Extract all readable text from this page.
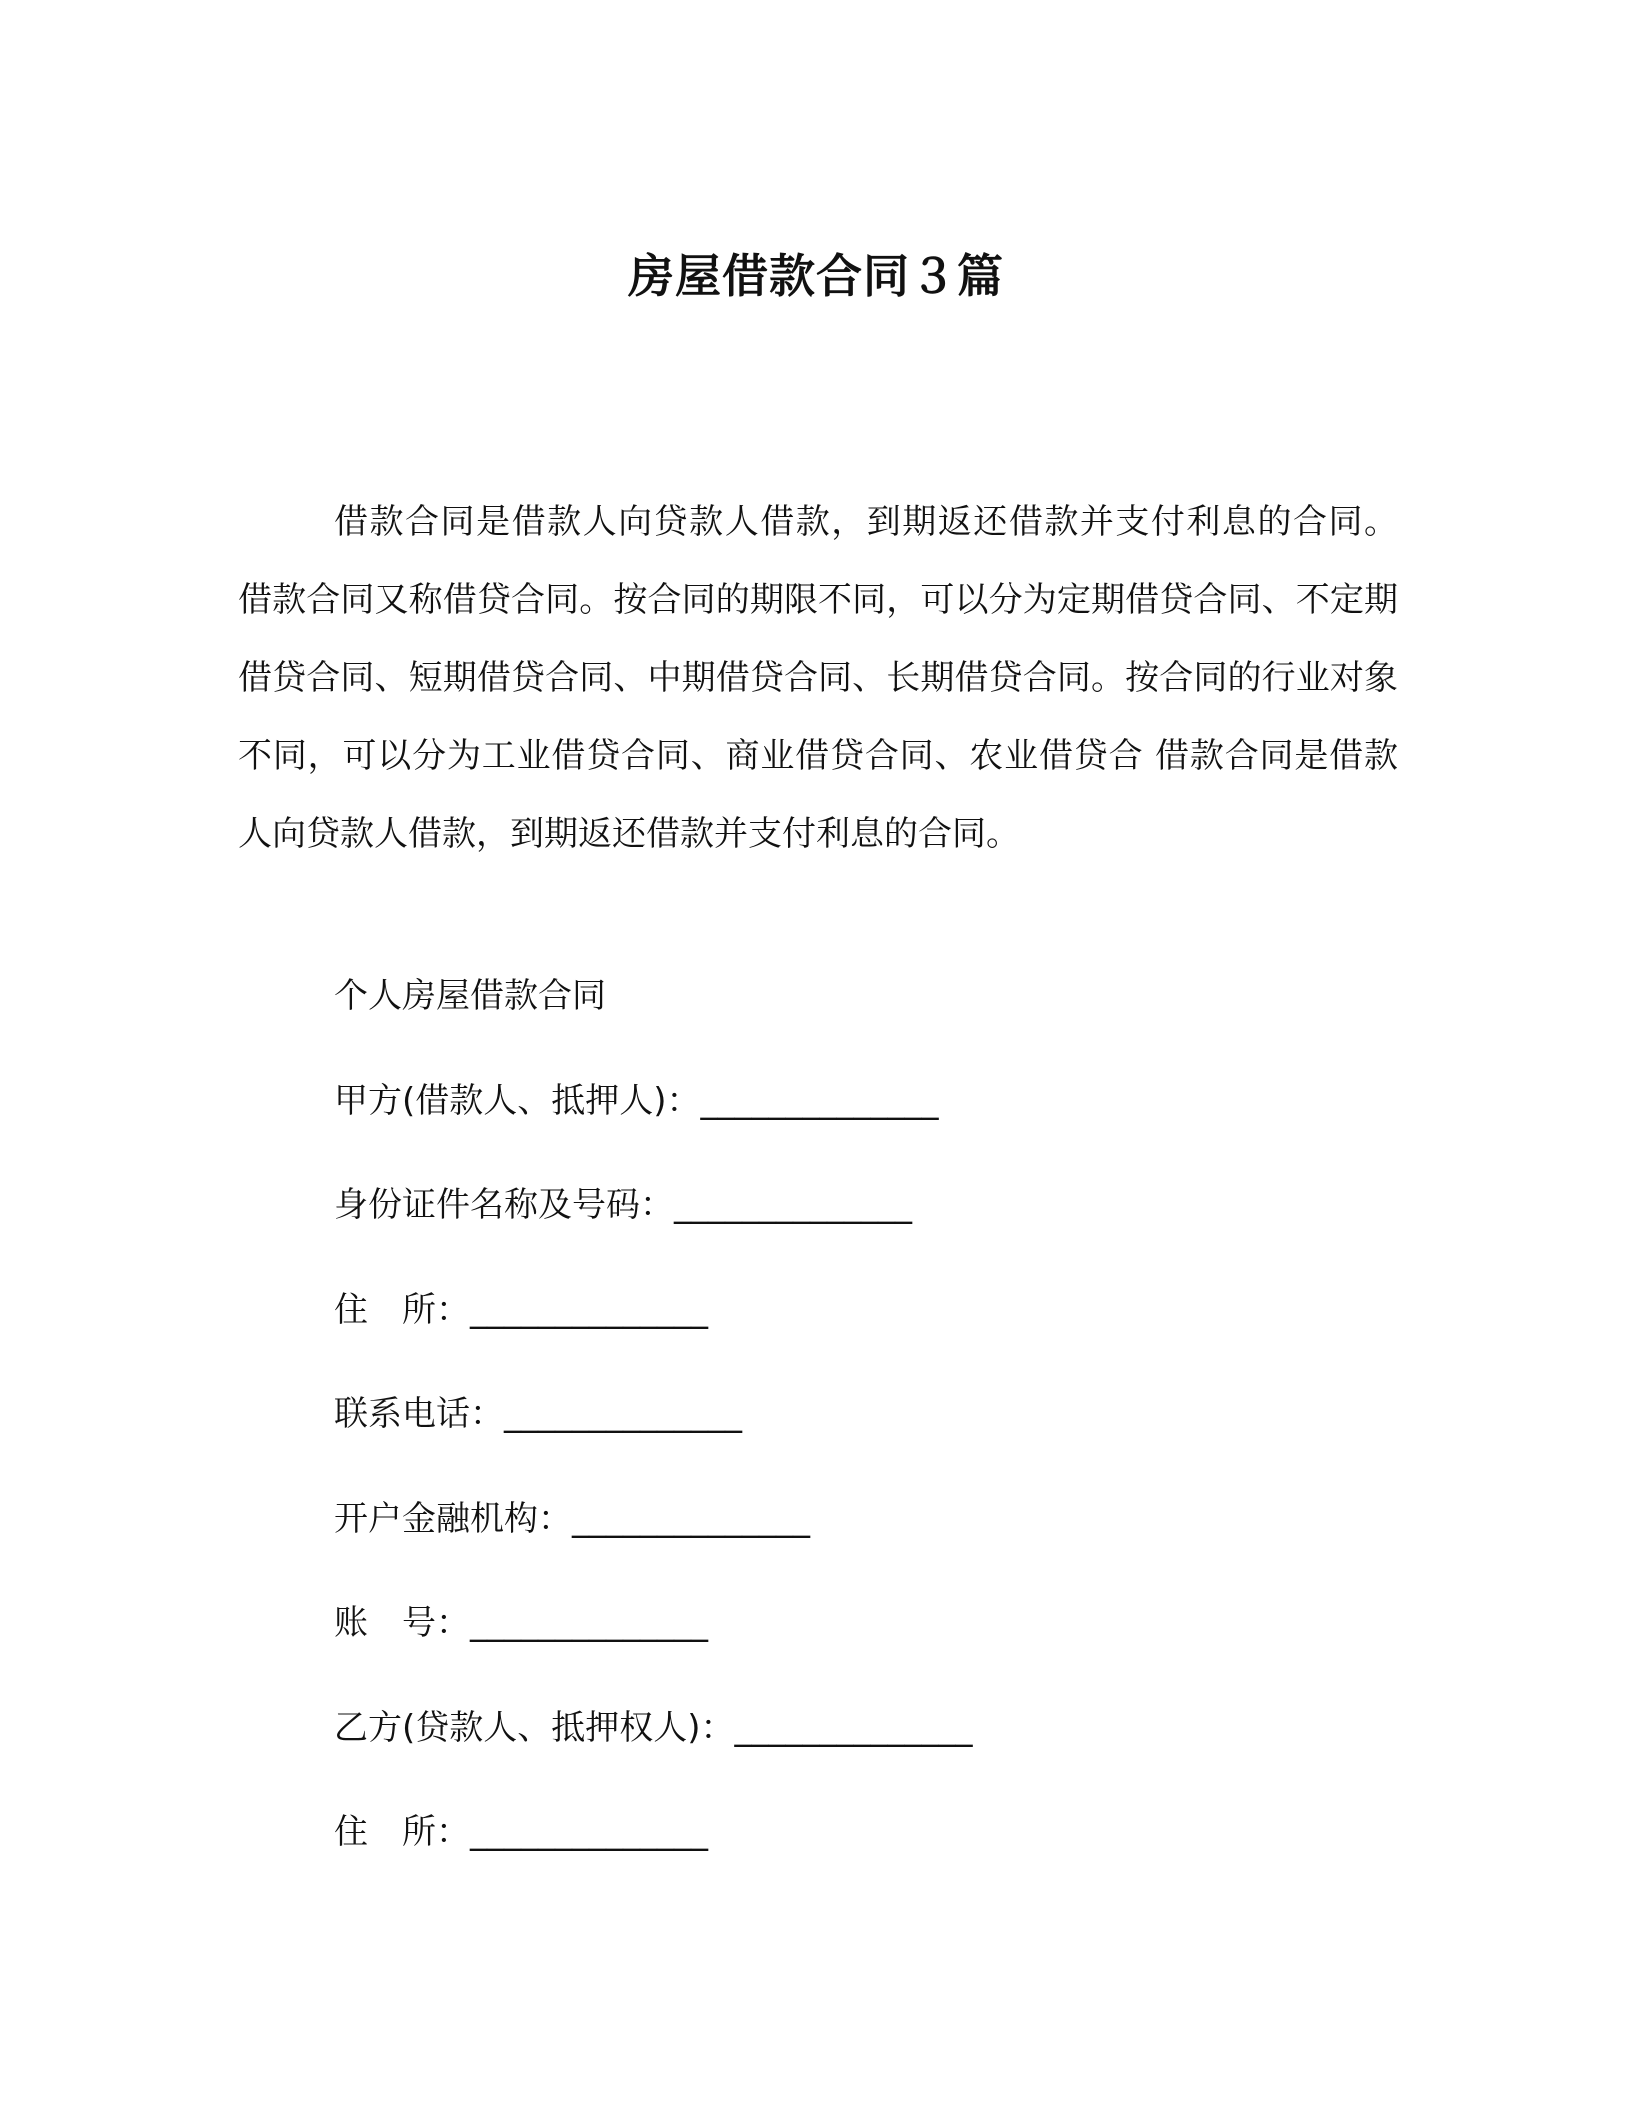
房屋借款合同３篇

借款合同是借款人向贷款人借款，到期返还借款并支付利息的合同。 借款合同又称借贷合同。按合同的期限不同，可以分为定期借贷合同、不定期借贷合同、短期借贷合同、中期借贷合同、长期借贷合同。按合同的行业对象不同，可以分为工业借贷合同、商业借贷合同、农业借贷合 借款合同是借款人向贷款人借款，到期返还借款并支付利息的合同。

个人房屋借款合同
甲方(借款人、抵押人)：______________
身份证件名称及号码：______________
住　所：______________
联系电话：______________
开户金融机构：______________
账　号：______________
乙方(贷款人、抵押权人)：______________
住　所：______________
